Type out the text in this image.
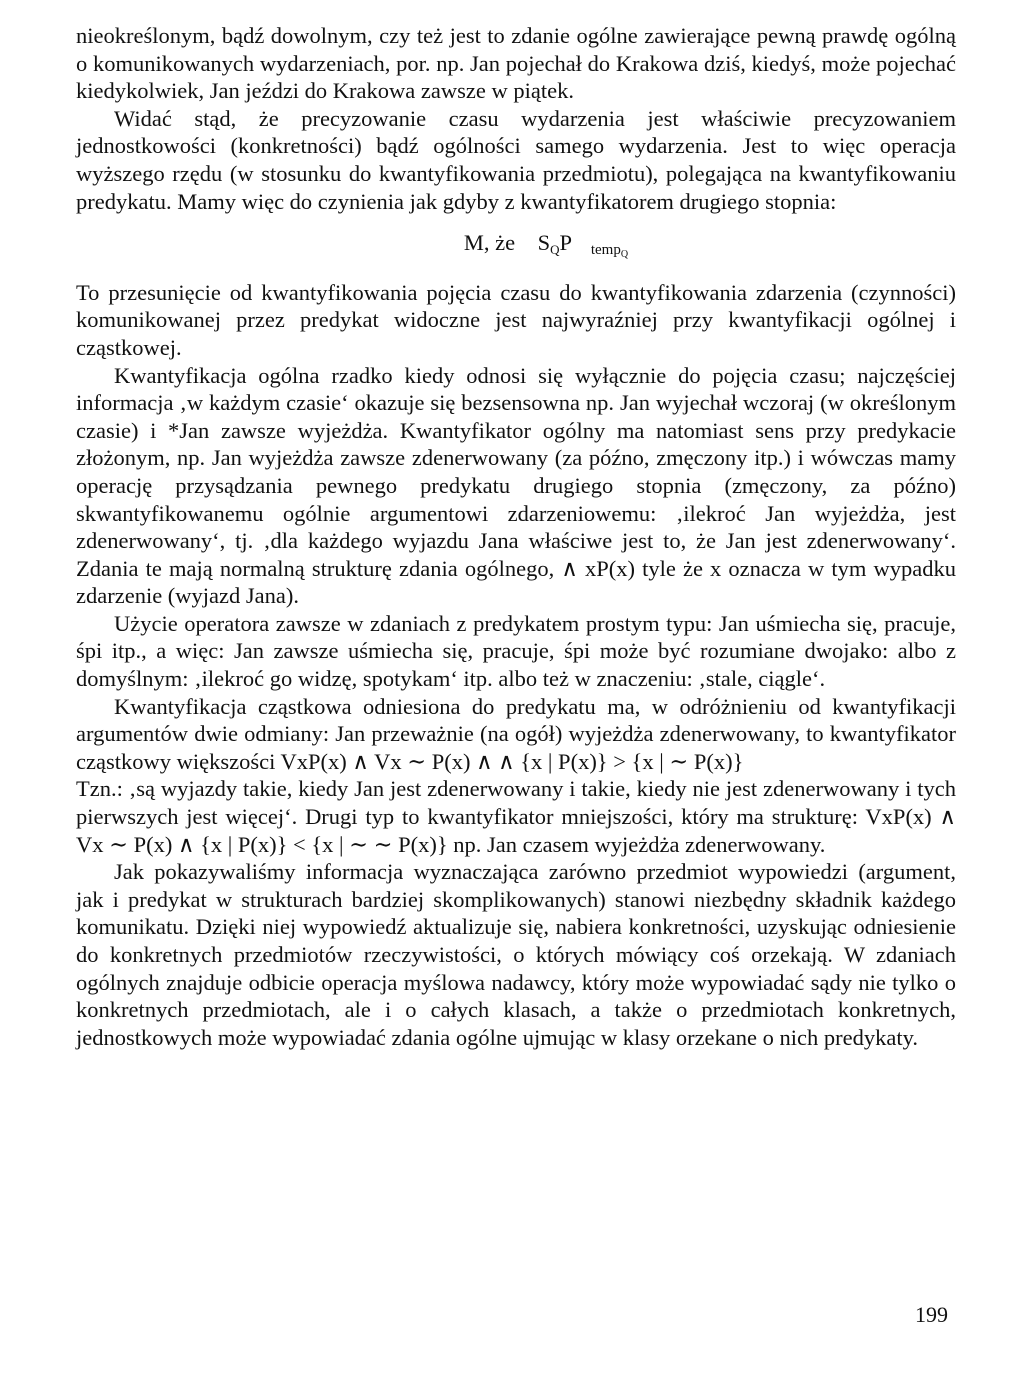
nieokreślonym, bądź dowolnym, czy też jest to zdanie ogólne zawierające pewną prawdę ogólną o komunikowanych wydarzeniach, por. np. Jan pojechał do Krakowa dziś, kiedyś, może pojechać kiedykolwiek, Jan jeździ do Krakowa zawsze w piątek.

Widać stąd, że precyzowanie czasu wydarzenia jest właściwie precyzowaniem jednostkowości (konkretności) bądź ogólności samego wydarzenia. Jest to więc operacja wyższego rzędu (w stosunku do kwantyfikowania przedmiotu), polegająca na kwantyfikowaniu predykatu. Mamy więc do czynienia jak gdyby z kwantyfikatorem drugiego stopnia:

M, że $S_QP$ temp$_Q$

To przesunięcie od kwantyfikowania pojęcia czasu do kwantyfikowania zdarzenia (czynności) komunikowanej przez predykat widoczne jest najwyraźniej przy kwantyfikacji ogólnej i cząstkowej.

Kwantyfikacja ogólna rzadko kiedy odnosi się wyłącznie do pojęcia czasu; najczęściej informacja ‚w każdym czasie‘ okazuje się bezsensowna np. Jan wyjechał wczoraj (w określonym czasie) i *Jan zawsze wyjeżdża. Kwantyfikator ogólny ma natomiast sens przy predykacie złożonym, np. Jan wyjeżdża zawsze zdenerwowany (za późno, zmęczony itp.) i wówczas mamy operację przysądzania pewnego predykatu drugiego stopnia (zmęczony, za późno) skwantyfikowanemu ogólnie argumentowi zdarzeniowemu: ‚ilekroć Jan wyjeżdża, jest zdenerwowany‘, tj. ‚dla każdego wyjazdu Jana właściwe jest to, że Jan jest zdenerwowany‘. Zdania te mają normalną strukturę zdania ogólnego, ∧ xP(x) tyle że x oznacza w tym wypadku zdarzenie (wyjazd Jana).

Użycie operatora zawsze w zdaniach z predykatem prostym typu: Jan uśmiecha się, pracuje, śpi itp., a więc: Jan zawsze uśmiecha się, pracuje, śpi może być rozumiane dwojako: albo z domyślnym: ‚ilekroć go widzę, spotykam‘ itp. albo też w znaczeniu: ‚stale, ciągle‘.

Kwantyfikacja cząstkowa odniesiona do predykatu ma, w odróżnieniu od kwantyfikacji argumentów dwie odmiany: Jan przeważnie (na ogół) wyjeżdża zdenerwowany, to kwantyfikator cząstkowy większości VxP(x) ∧ Vx ∼ P(x) ∧ ∧ {x | P(x)} > {x | ∼ P(x)}

Tzn.: ‚są wyjazdy takie, kiedy Jan jest zdenerwowany i takie, kiedy nie jest zdenerwowany i tych pierwszych jest więcej‘. Drugi typ to kwantyfikator mniejszości, który ma strukturę: VxP(x) ∧ Vx ∼ P(x) ∧ {x | P(x)} < {x | ∼ ∼ P(x)} np. Jan czasem wyjeżdża zdenerwowany.

Jak pokazywaliśmy informacja wyznaczająca zarówno przedmiot wypowiedzi (argument, jak i predykat w strukturach bardziej skomplikowanych) stanowi niezbędny składnik każdego komunikatu. Dzięki niej wypowiedź aktualizuje się, nabiera konkretności, uzyskując odniesienie do konkretnych przedmiotów rzeczywistości, o których mówiący coś orzekają. W zdaniach ogólnych znajduje odbicie operacja myślowa nadawcy, który może wypowiadać sądy nie tylko o konkretnych przedmiotach, ale i o całych klasach, a także o przedmiotach konkretnych, jednostkowych może wypowiadać zdania ogólne ujmując w klasy orzekane o nich predykaty.

199
